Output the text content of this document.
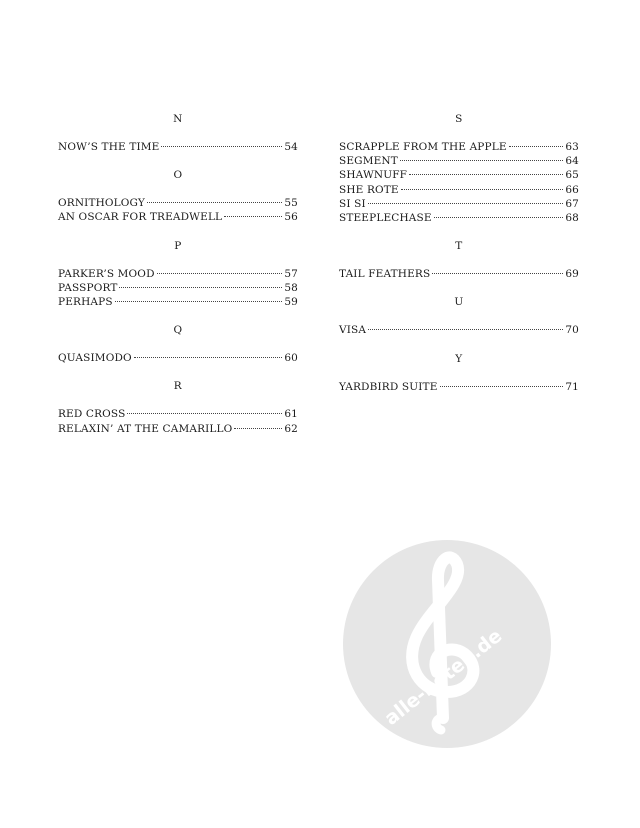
N
NOW’S THE TIME	54
O
ORNITHOLOGY	55
AN OSCAR FOR TREADWELL	56
P
PARKER’S MOOD	57
PASSPORT	58
PERHAPS	59
Q
QUASIMODO	60
R
RED CROSS	61
RELAXIN’ AT THE CAMARILLO	62
S
SCRAPPLE FROM THE APPLE	63
SEGMENT	64
SHAWNUFF	65
SHE ROTE	66
SI SI	67
STEEPLECHASE	68
T
TAIL FEATHERS	69
U
VISA	70
Y
YARDBIRD SUITE	71
alle-noten.de
